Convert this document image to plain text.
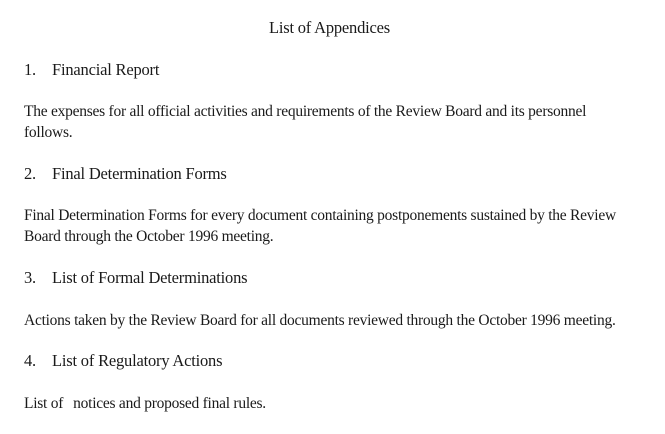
List of Appendices
1. Financial Report
The expenses for all official activities and requirements of the Review Board and its personnel
follows.
2. Final Determination Forms
Final Determination Forms for every document containing postponements sustained by the Review
Board through the October 1996 meeting.
3. List of Formal Determinations
Actions taken by the Review Board for all documents reviewed through the October 1996 meeting.
4. List of Regulatory Actions
List of notices and proposed final rules.
